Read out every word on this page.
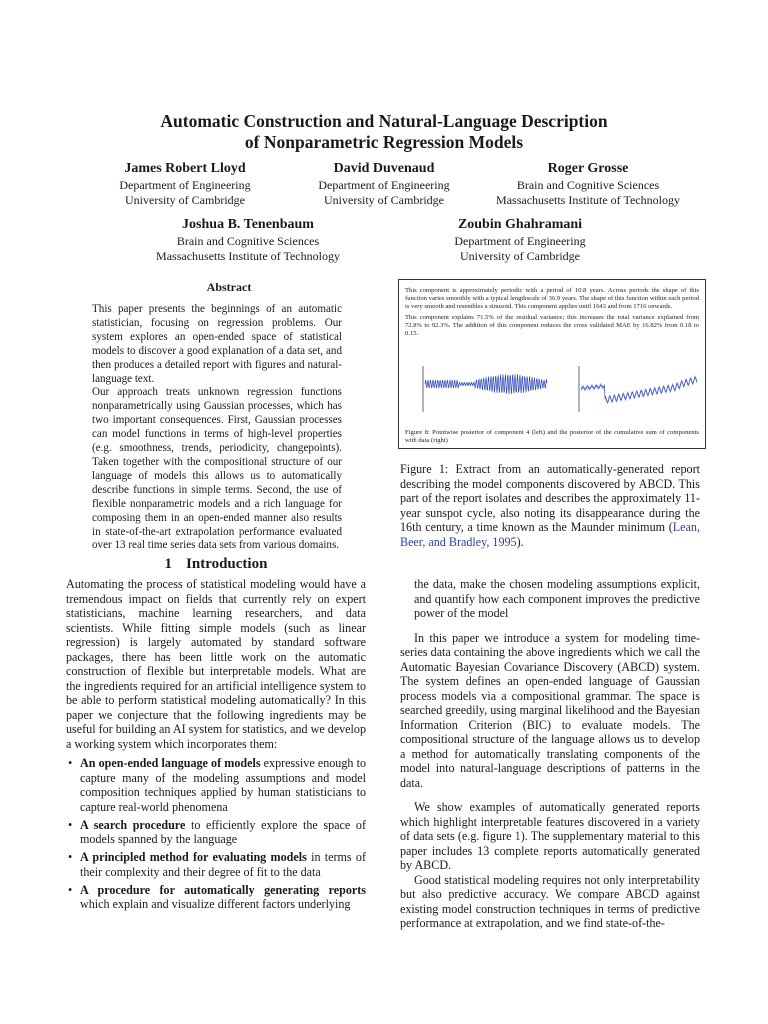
Automatic Construction and Natural-Language Description
of Nonparametric Regression Models
James Robert Lloyd
Department of Engineering
University of Cambridge
David Duvenaud
Department of Engineering
University of Cambridge
Roger Grosse
Brain and Cognitive Sciences
Massachusetts Institute of Technology
Joshua B. Tenenbaum
Brain and Cognitive Sciences
Massachusetts Institute of Technology
Zoubin Ghahramani
Department of Engineering
University of Cambridge
Abstract

This paper presents the beginnings of an automatic statistician, focusing on regression problems. Our system explores an open-ended space of statistical models to discover a good explanation of a data set, and then produces a detailed report with figures and natural-language text.

Our approach treats unknown regression functions nonparametrically using Gaussian processes, which has two important consequences. First, Gaussian processes can model functions in terms of high-level properties (e.g. smoothness, trends, periodicity, changepoints). Taken together with the compositional structure of our language of models this allows us to automatically describe functions in simple terms. Second, the use of flexible nonparametric models and a rich language for composing them in an open-ended manner also results in state-of-the-art extrapolation performance evaluated over 13 real time series data sets from various domains.

This component is approximately periodic with a period of 10.8 years. Across periods the shape of this function varies smoothly with a typical lengthscale of 36.9 years. The shape of this function within each period is very smooth and resembles a sinusoid. This component applies until 1643 and from 1716 onwards.

This component explains 71.5% of the residual variance; this increases the total variance explained from 72.8% to 92.3%. The addition of this component reduces the cross validated MAE by 16.82% from 0.18 to 0.15.

Figure 8: Pointwise posterior of component 4 (left) and the posterior of the cumulative sum of components with data (right)
Figure 1: Extract from an automatically-generated report describing the model components discovered by ABCD. This part of the report isolates and describes the approximately 11-year sunspot cycle, also noting its disappearance during the 16th century, a time known as the Maunder minimum (Lean, Beer, and Bradley, 1995).
1 Introduction

Automating the process of statistical modeling would have a tremendous impact on fields that currently rely on expert statisticians, machine learning researchers, and data scientists. While fitting simple models (such as linear regression) is largely automated by standard software packages, there has been little work on the automatic construction of flexible but interpretable models. What are the ingredients required for an artificial intelligence system to be able to perform statistical modeling automatically? In this paper we conjecture that the following ingredients may be useful for building an AI system for statistics, and we develop a working system which incorporates them:

• An open-ended language of models expressive enough to capture many of the modeling assumptions and model composition techniques applied by human statisticians to capture real-world phenomena
• A search procedure to efficiently explore the space of models spanned by the language
• A principled method for evaluating models in terms of their complexity and their degree of fit to the data
• A procedure for automatically generating reports which explain and visualize different factors underlying

the data, make the chosen modeling assumptions explicit, and quantify how each component improves the predictive power of the model

In this paper we introduce a system for modeling time-series data containing the above ingredients which we call the Automatic Bayesian Covariance Discovery (ABCD) system. The system defines an open-ended language of Gaussian process models via a compositional grammar. The space is searched greedily, using marginal likelihood and the Bayesian Information Criterion (BIC) to evaluate models. The compositional structure of the language allows us to develop a method for automatically translating components of the model into natural-language descriptions of patterns in the data.

We show examples of automatically generated reports which highlight interpretable features discovered in a variety of data sets (e.g. figure 1). The supplementary material to this paper includes 13 complete reports automatically generated by ABCD.

Good statistical modeling requires not only interpretability but also predictive accuracy. We compare ABCD against existing model construction techniques in terms of predictive performance at extrapolation, and we find state-of-the-
